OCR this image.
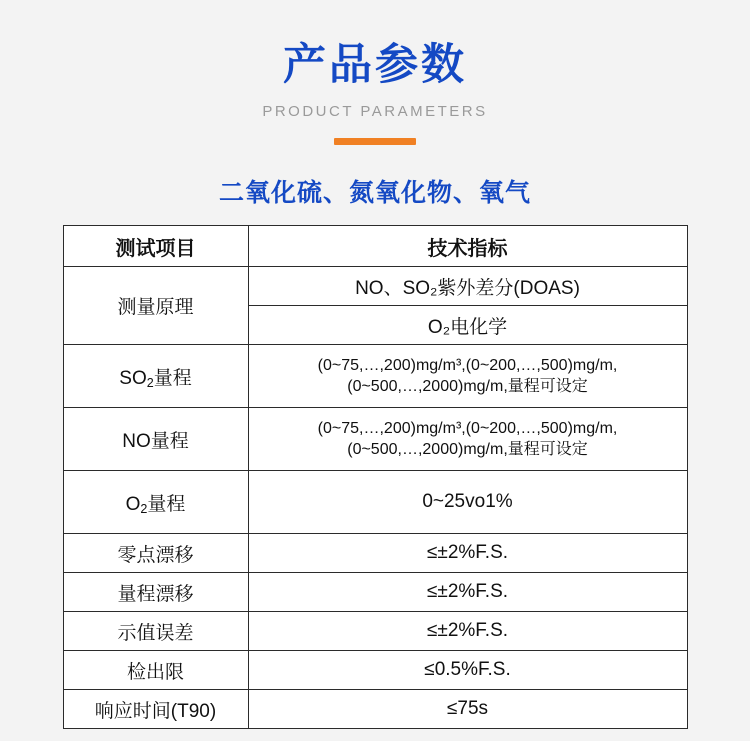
产品参数
PRODUCT PARAMETERS
二氧化硫、氮氧化物、氧气
测试项目	技术指标
测量原理	NO、SO₂紫外差分(DOAS)
	O₂电化学
$SO_2$量程	(0~75,…,200)mg/m³,(0~200,…,500)mg/m,
(0~500,…,2000)mg/m,量程可设定

NO量程	(0~75,…,200)mg/m³,(0~200,…,500)mg/m,
(0~500,…,2000)mg/m,量程可设定

$O_2$量程	0~25vo1%
零点漂移	≤±2%F.S.
量程漂移	≤±2%F.S.
示值误差	≤±2%F.S.
检出限	≤0.5%F.S.
响应时间(T90)	≤75s
